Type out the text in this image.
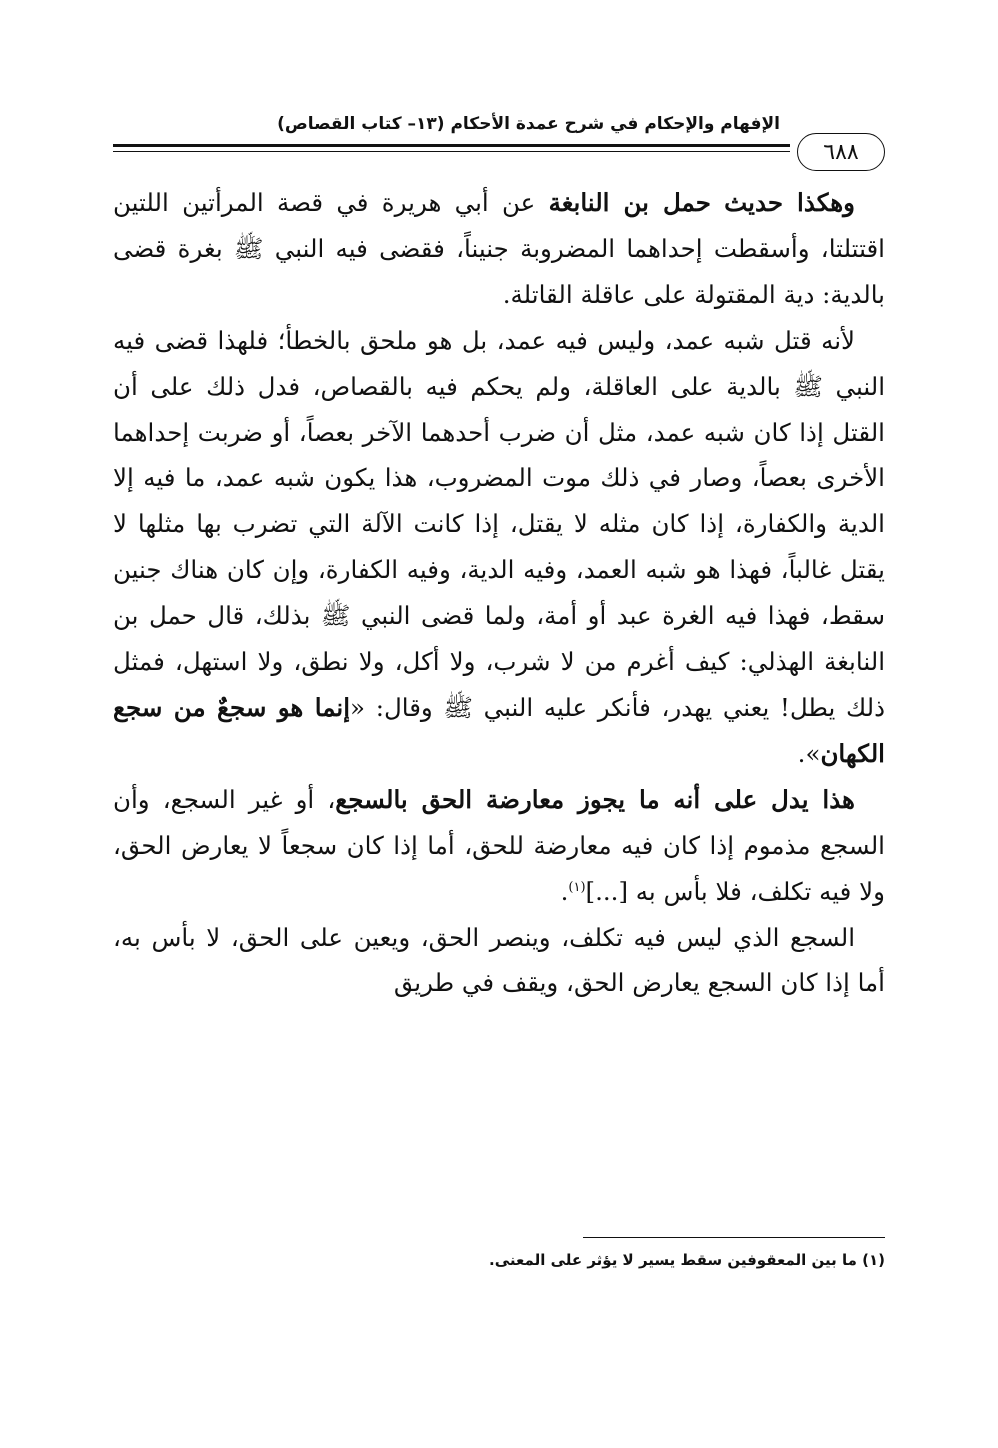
الإفهام والإحكام في شرح عمدة الأحكام (١٣– كتاب القصاص)
٦٨٨

وهكذا حديث حمل بن النابغة عن أبي هريرة في قصة المرأتين اللتين اقتتلتا، وأسقطت إحداهما المضروبة جنيناً، فقضى فيه النبي ﷺ بغرة قضى بالدية: دية المقتولة على عاقلة القاتلة.

لأنه قتل شبه عمد، وليس فيه عمد، بل هو ملحق بالخطأ؛ فلهذا قضى فيه النبي ﷺ بالدية على العاقلة، ولم يحكم فيه بالقصاص، فدل ذلك على أن القتل إذا كان شبه عمد، مثل أن ضرب أحدهما الآخر بعصاً، أو ضربت إحداهما الأخرى بعصاً، وصار في ذلك موت المضروب، هذا يكون شبه عمد، ما فيه إلا الدية والكفارة، إذا كان مثله لا يقتل، إذا كانت الآلة التي تضرب بها مثلها لا يقتل غالباً، فهذا هو شبه العمد، وفيه الدية، وفيه الكفارة، وإن كان هناك جنين سقط، فهذا فيه الغرة عبد أو أمة، ولما قضى النبي ﷺ بذلك، قال حمل بن النابغة الهذلي: كيف أغرم من لا شرب، ولا أكل، ولا نطق، ولا استهل، فمثل ذلك يطل! يعني يهدر، فأنكر عليه النبي ﷺ وقال: «إنما هو سجعٌ من سجع الكهان».

هذا يدل على أنه ما يجوز معارضة الحق بالسجع، أو غير السجع، وأن السجع مذموم إذا كان فيه معارضة للحق، أما إذا كان سجعاً لا يعارض الحق، ولا فيه تكلف، فلا بأس به [...]$^{(١)}$.

السجع الذي ليس فيه تكلف، وينصر الحق، ويعين على الحق، لا بأس به، أما إذا كان السجع يعارض الحق، ويقف في طريق

(١) ما بين المعقوفين سقط يسير لا يؤثر على المعنى.
